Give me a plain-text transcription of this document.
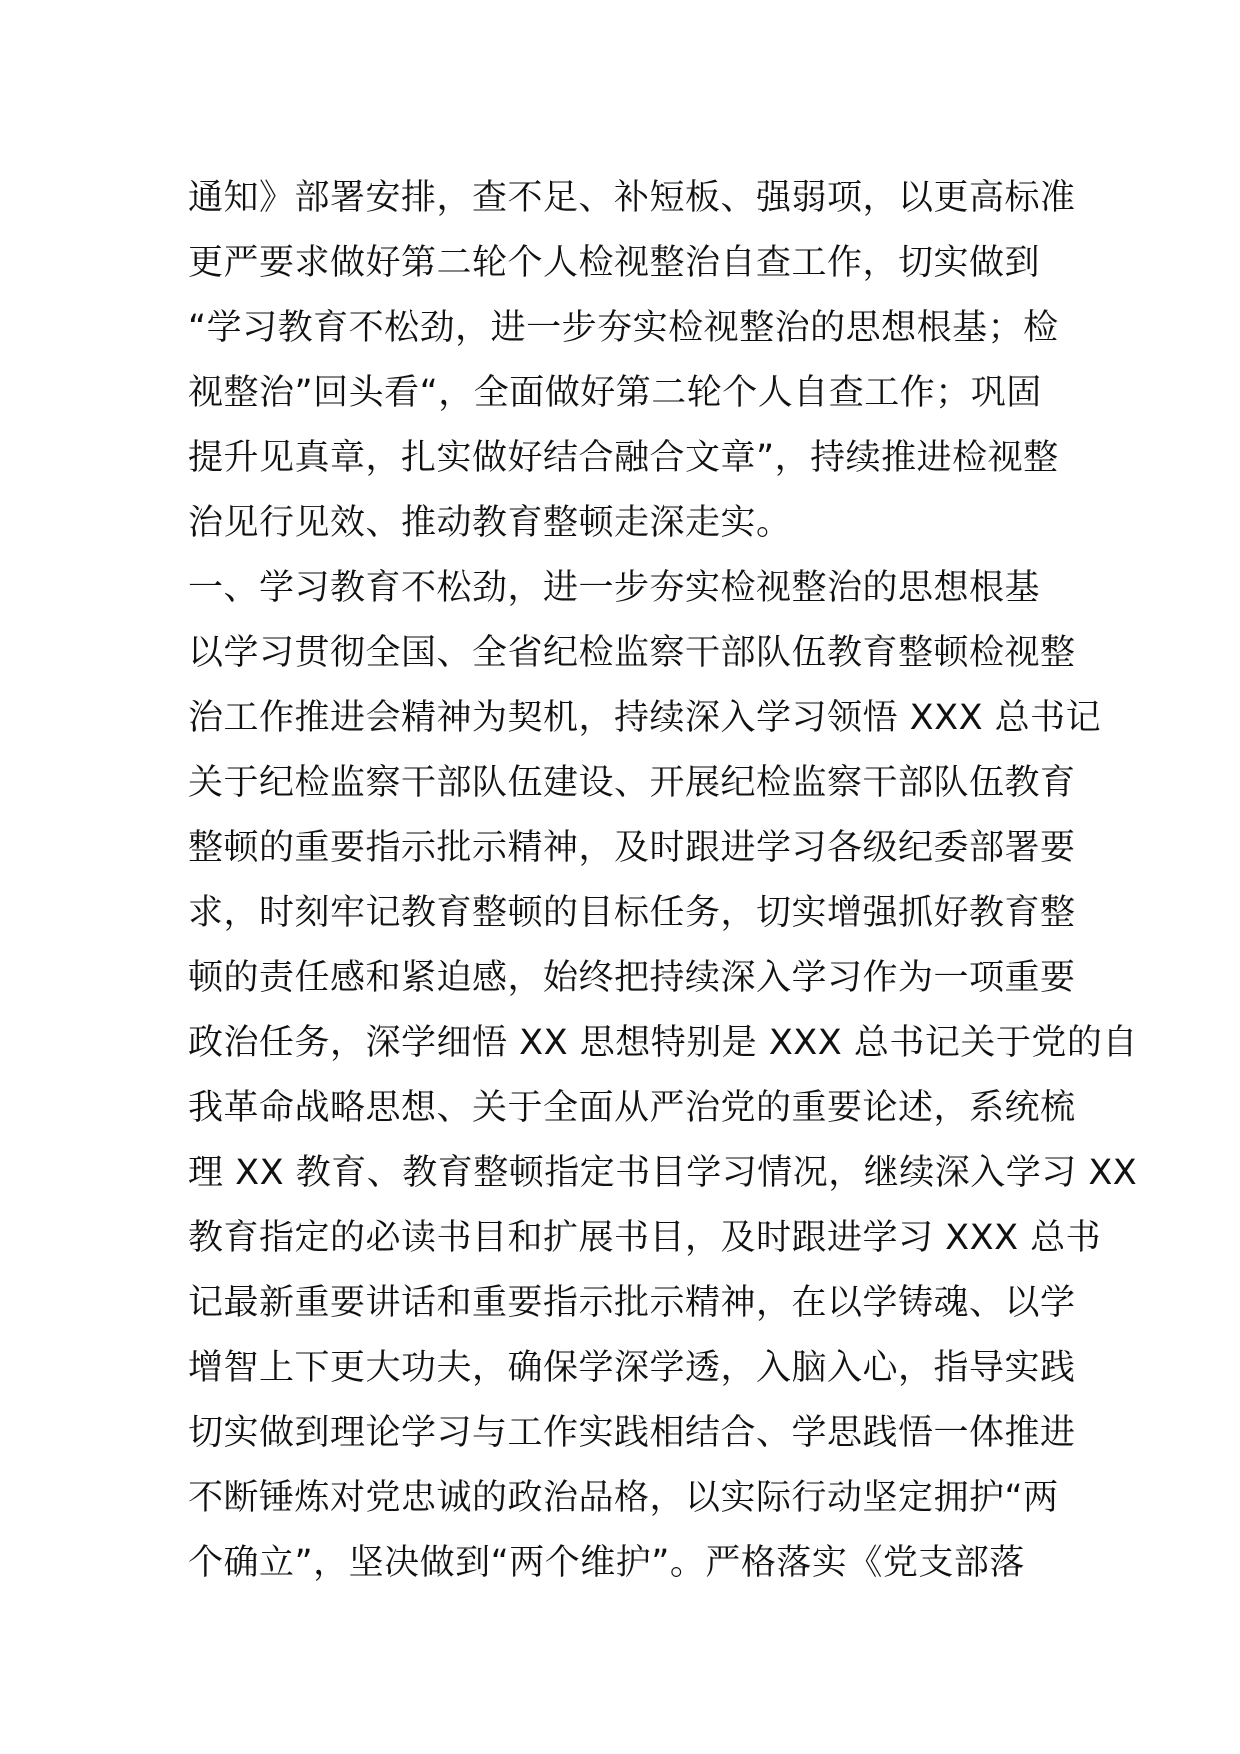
通知》部署安排，查不足、补短板、强弱项，以更高标准
更严要求做好第二轮个人检视整治自查工作，切实做到
“学习教育不松劲，进一步夯实检视整治的思想根基；检
视整治”回头看“，全面做好第二轮个人自查工作；巩固
提升见真章，扎实做好结合融合文章”，持续推进检视整
治见行见效、推动教育整顿走深走实。
一、学习教育不松劲，进一步夯实检视整治的思想根基
以学习贯彻全国、全省纪检监察干部队伍教育整顿检视整
治工作推进会精神为契机，持续深入学习领悟 XXX 总书记
关于纪检监察干部队伍建设、开展纪检监察干部队伍教育
整顿的重要指示批示精神，及时跟进学习各级纪委部署要
求，时刻牢记教育整顿的目标任务，切实增强抓好教育整
顿的责任感和紧迫感，始终把持续深入学习作为一项重要
政治任务，深学细悟 XX 思想特别是 XXX 总书记关于党的自
我革命战略思想、关于全面从严治党的重要论述，系统梳
理 XX 教育、教育整顿指定书目学习情况，继续深入学习 XX
教育指定的必读书目和扩展书目，及时跟进学习 XXX 总书
记最新重要讲话和重要指示批示精神，在以学铸魂、以学
增智上下更大功夫，确保学深学透，入脑入心，指导实践
切实做到理论学习与工作实践相结合、学思践悟一体推进
不断锤炼对党忠诚的政治品格，以实际行动坚定拥护“两
个确立”，坚决做到“两个维护”。严格落实《党支部落
